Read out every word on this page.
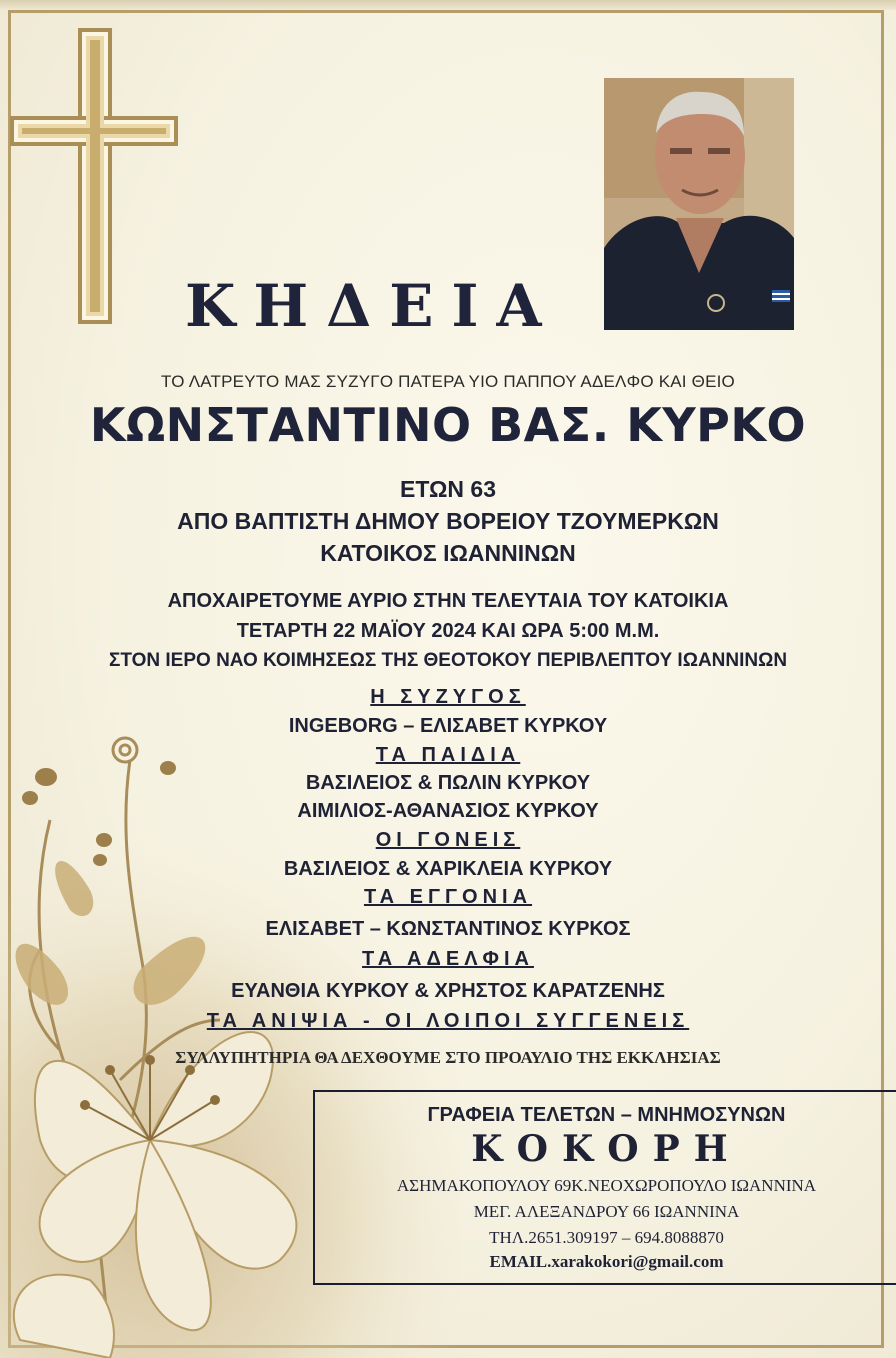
ΚΗΔΕΙΑ
ΤΟ ΛΑΤΡΕΥΤΟ ΜΑΣ ΣΥΖΥΓΟ ΠΑΤΕΡΑ ΥΙΟ ΠΑΠΠΟΥ ΑΔΕΛΦΟ ΚΑΙ ΘΕΙΟ
ΚΩΝΣΤΑΝΤΙΝΟ ΒΑΣ. ΚΥΡΚΟ
ΕΤΩΝ 63
ΑΠΟ ΒΑΠΤΙΣΤΗ ΔΗΜΟΥ ΒΟΡΕΙΟΥ ΤΖΟΥΜΕΡΚΩΝ
ΚΑΤΟΙΚΟΣ ΙΩΑΝΝΙΝΩΝ
ΑΠΟΧΑΙΡΕΤΟΥΜΕ ΑΥΡΙΟ ΣΤΗΝ ΤΕΛΕΥΤΑΙΑ ΤΟΥ ΚΑΤΟΙΚΙΑ
ΤΕΤΑΡΤΗ 22 ΜΑΪΟΥ 2024 ΚΑΙ ΩΡΑ 5:00 Μ.Μ.
ΣΤΟΝ ΙΕΡΟ ΝΑΟ ΚΟΙΜΗΣΕΩΣ ΤΗΣ ΘΕΟΤΟΚΟΥ ΠΕΡΙΒΛΕΠΤΟΥ ΙΩΑΝΝΙΝΩΝ
Η ΣΥΖΥΓΟΣ
INGEBORG – ΕΛΙΣΑΒΕΤ ΚΥΡΚΟΥ
ΤΑ ΠΑΙΔΙΑ
ΒΑΣΙΛΕΙΟΣ & ΠΩΛΙΝ ΚΥΡΚΟΥ
ΑΙΜΙΛΙΟΣ-ΑΘΑΝΑΣΙΟΣ ΚΥΡΚΟΥ
ΟΙ ΓΟΝΕΙΣ
ΒΑΣΙΛΕΙΟΣ & ΧΑΡΙΚΛΕΙΑ ΚΥΡΚΟΥ
ΤΑ ΕΓΓΟΝΙΑ
ΕΛΙΣΑΒΕΤ – ΚΩΝΣΤΑΝΤΙΝΟΣ ΚΥΡΚΟΣ
ΤΑ ΑΔΕΛΦΙΑ
ΕΥΑΝΘΙΑ ΚΥΡΚΟΥ & ΧΡΗΣΤΟΣ ΚΑΡΑΤΖΕΝΗΣ
ΤΑ ΑΝΙΨΙΑ - ΟΙ ΛΟΙΠΟΙ ΣΥΓΓΕΝΕΙΣ
ΣΥΛΛΥΠΗΤΗΡΙΑ ΘΑ ΔΕΧΘΟΥΜΕ ΣΤΟ ΠΡΟΑΥΛΙΟ ΤΗΣ ΕΚΚΛΗΣΙΑΣ
ΓΡΑΦΕΙΑ ΤΕΛΕΤΩΝ – ΜΝΗΜΟΣΥΝΩΝ
ΚΟΚΟΡΗ
ΑΣΗΜΑΚΟΠΟΥΛΟΥ 69Κ.ΝΕΟΧΩΡΟΠΟΥΛΟ ΙΩΑΝΝΙΝΑ
ΜΕΓ. ΑΛΕΞΑΝΔΡΟΥ 66 ΙΩΑΝΝΙΝΑ
ΤΗΛ.2651.309197 – 694.8088870
EMAIL.xarakokori@gmail.com
